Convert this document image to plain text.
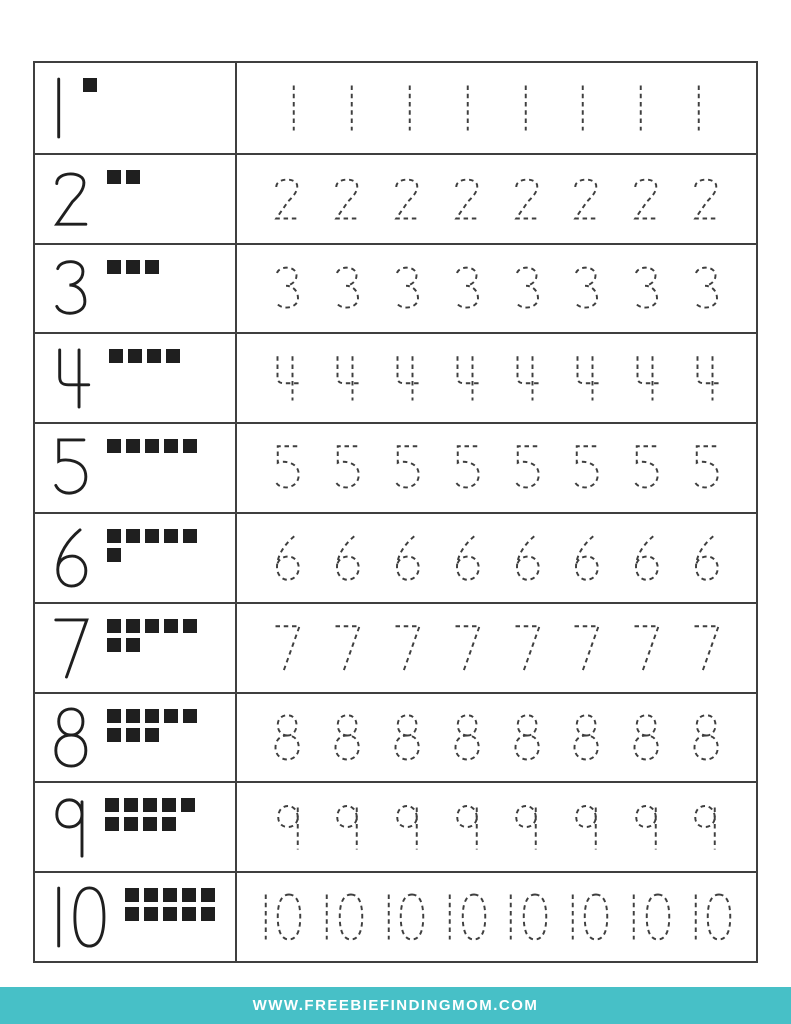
WWW.FREEBIEFINDINGMOM.COM
